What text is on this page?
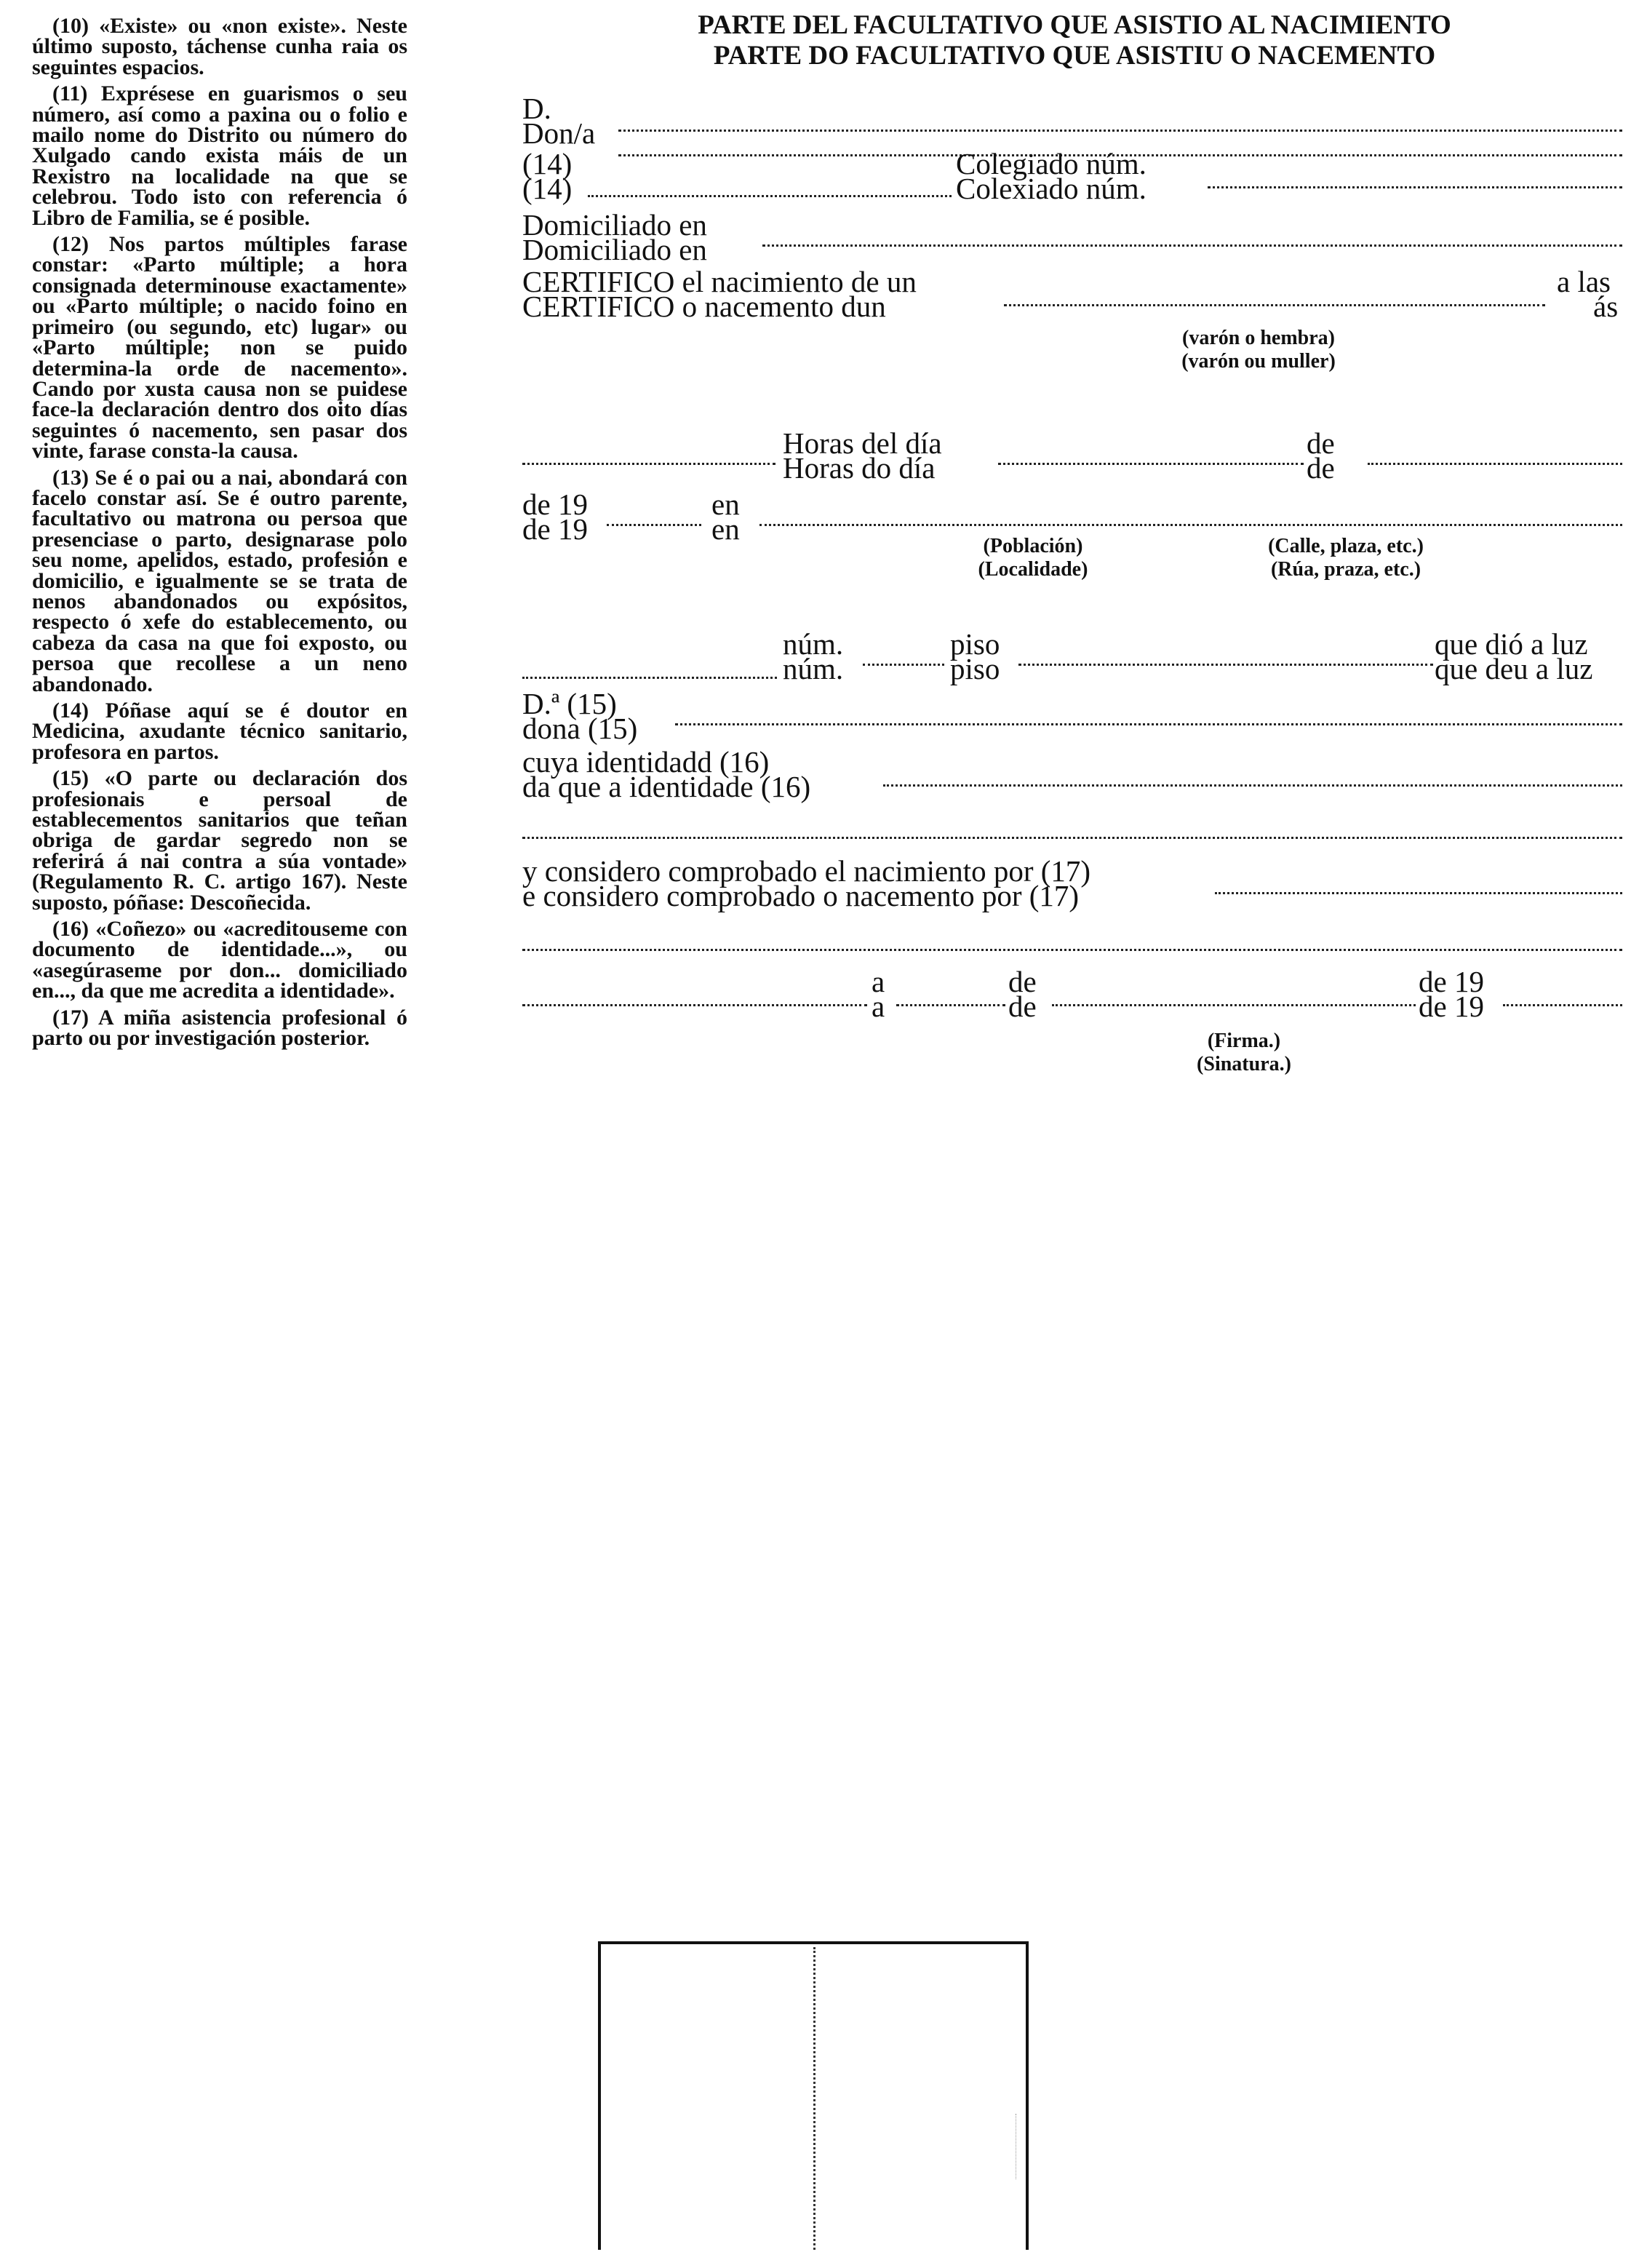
(10) «Existe» ou «non existe». Neste último suposto, táchense cunha raia os seguintes espacios.

(11) Exprésese en guarismos o seu número, así como a paxina ou o folio e mailo nome do Distrito ou número do Xulgado cando exista máis de un Rexistro na localidade na que se celebrou. Todo isto con referencia ó Libro de Familia, se é posible.

(12) Nos partos múltiples farase constar: «Parto múltiple; a hora consignada determinouse exactamente» ou «Parto múltiple; o nacido foino en primeiro (ou segundo, etc) lugar» ou «Parto múltiple; non se puido determina-la orde de nacemento». Cando por xusta causa non se puidese face-la declaración dentro dos oito días seguintes ó nacemento, sen pasar dos vinte, farase consta-la causa.

(13) Se é o pai ou a nai, abondará con facelo constar así. Se é outro parente, facultativo ou matrona ou persoa que presenciase o parto, designarase polo seu nome, apelidos, estado, profesión e domicilio, e igualmente se se trata de nenos abandonados ou expósitos, respecto ó xefe do establecemento, ou cabeza da casa na que foi exposto, ou persoa que recollese a un neno abandonado.

(14) Póñase aquí se é doutor en Medicina, axudante técnico sanitario, profesora en partos.

(15) «O parte ou declaración dos profesionais e persoal de establecementos sanitarios que teñan obriga de gardar segredo non se referirá á nai contra a súa vontade» (Regulamento R. C. artigo 167). Neste suposto, póñase: Descoñecida.

(16) «Coñezo» ou «acreditouseme con documento de identidade...», ou «asegúraseme por don... domiciliado en..., da que me acredita a identidade».

(17) A miña asistencia profesional ó parto ou por investigación posterior.

PARTE DEL FACULTATIVO QUE ASISTIO AL NACIMIENTO
PARTE DO FACULTATIVO QUE ASISTIU O NACEMENTO
D.
Don/a
(14)
(14)
Colegiado núm.
Colexiado núm.
Domiciliado en
Domiciliado en
CERTIFICO el nacimiento de un
CERTIFICO o nacemento dun
a las
ás
(varón o hembra)
(varón ou muller)
Horas del día
Horas do día
de
de
de 19
de 19
en
en
(Población)
(Localidade)
(Calle, plaza, etc.)
(Rúa, praza, etc.)
núm.
núm.
piso
piso
que dió a luz
que deu a luz
D.ª (15)
dona (15)
cuya identidadd (16)
da que a identidade (16)
y considero comprobado el nacimiento por (17)
e considero comprobado o nacemento por (17)
a
a
de
de
de 19
de 19
(Firma.)
(Sinatura.)
